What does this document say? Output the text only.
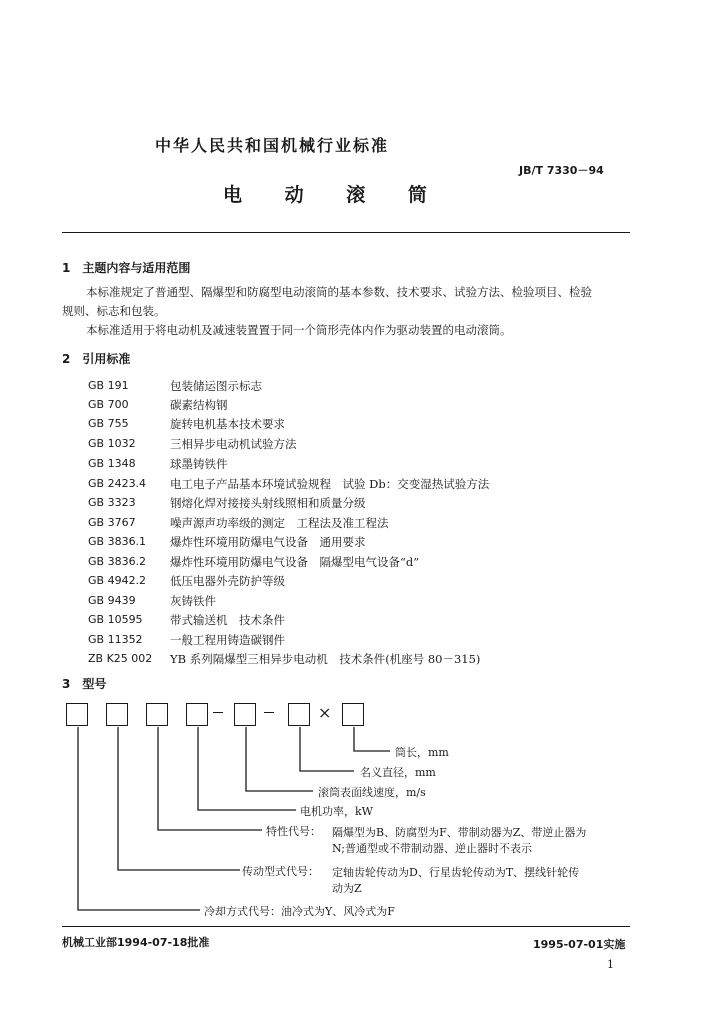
中华人民共和国机械行业标准
JB/T 7330－94
电 动 滚 筒
1　主题内容与适用范围
本标准规定了普通型、隔爆型和防腐型电动滚筒的基本参数、技术要求、试验方法、检验项目、检验
规则、标志和包装。
本标准适用于将电动机及减速装置置于同一个筒形壳体内作为驱动装置的电动滚筒。
2　引用标准
GB 191	包装储运图示标志
GB 700	碳素结构钢
GB 755	旋转电机基本技术要求
GB 1032	三相异步电动机试验方法
GB 1348	球墨铸铁件
GB 2423.4 电工电子产品基本环境试验规程　试验 Db：交变湿热试验方法
GB 3323	钢熔化焊对接接头射线照相和质量分级
GB 3767	噪声源声功率级的测定　工程法及准工程法
GB 3836.1 爆炸性环境用防爆电气设备　通用要求
GB 3836.2 爆炸性环境用防爆电气设备　隔爆型电气设备“d”
GB 4942.2 低压电器外壳防护等级
GB 9439	灰铸铁件
GB 10595 带式输送机　技术条件
GB 11352 一般工程用铸造碳钢件
ZB K25 002 YB 系列隔爆型三相异步电动机　技术条件(机座号 80－315)
3　型号
×
筒长，mm
名义直径，mm
滚筒表面线速度，m/s
电机功率，kW
特性代号： 隔爆型为B、防腐型为F、带制动器为Z、带逆止器为
N;普通型或不带制动器、逆止器时不表示
传动型式代号： 定轴齿轮传动为D、行星齿轮传动为T、摆线针轮传
动为Z
冷却方式代号：油冷式为Y、风冷式为F
机械工业部1994-07-18批准	1995-07-01实施
1
